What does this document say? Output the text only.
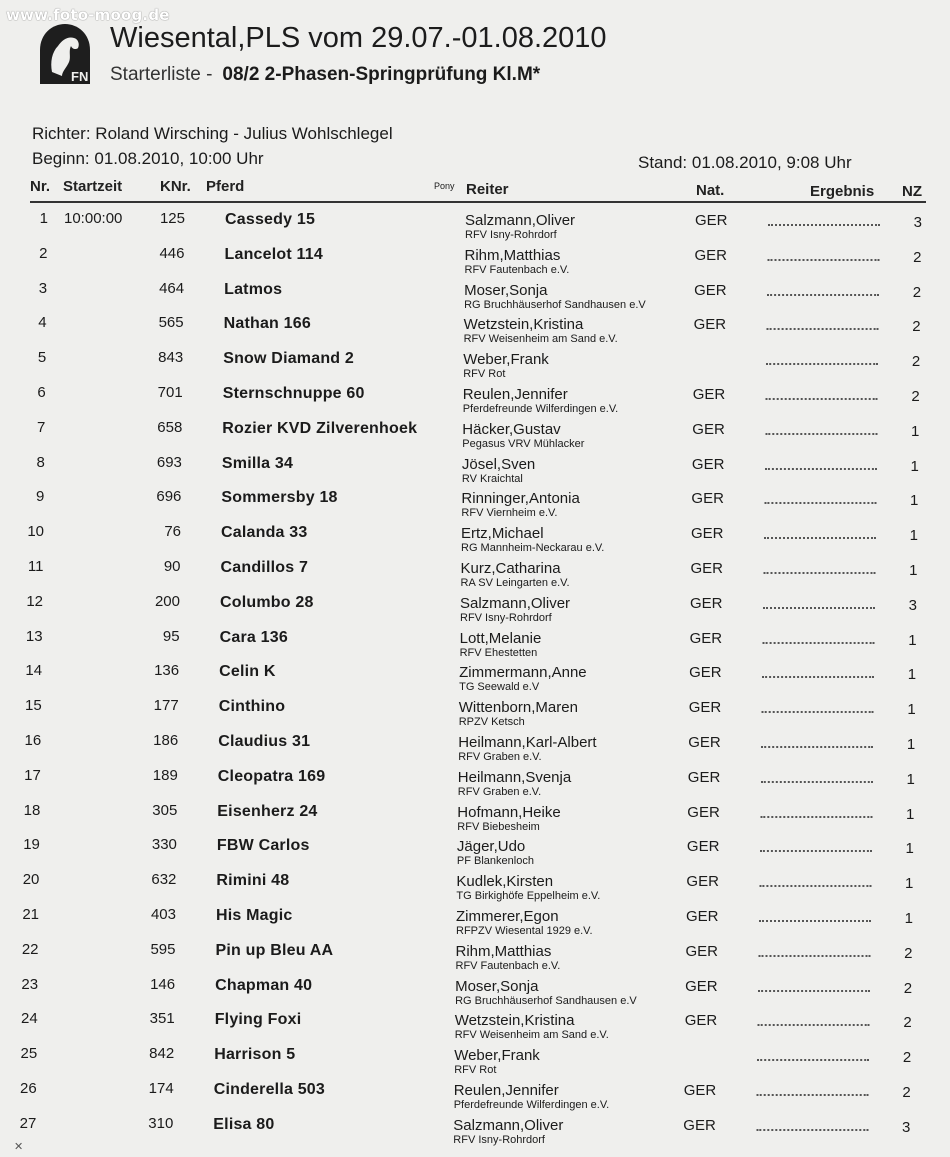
www.foto-moog.de
FN
Wiesental,PLS vom 29.07.-01.08.2010
Starterliste - 08/2 2-Phasen-Springprüfung Kl.M*
Richter: Roland Wirsching - Julius Wohlschlegel
Beginn: 01.08.2010, 10:00 Uhr	Stand: 01.08.2010, 9:08 Uhr
Nr. Startzeit	KNr. Pferd	Pony Reiter	Nat.	Ergebnis NZ
1 10:00:00	125	Cassedy 15	Salzmann,Oliver
RFV Isny-Rohrdorf
GER	3
2	446	Lancelot 114	Rihm,Matthias
RFV Fautenbach e.V.
GER	2
3	464	Latmos	Moser,Sonja
RG Bruchhäuserhof Sandhausen e.V
GER	2
4	565	Nathan 166	Wetzstein,Kristina
RFV Weisenheim am Sand e.V.
GER	2
5	843	Snow Diamand 2	Weber,Frank
RFV Rot
2
6	701	Sternschnuppe 60	Reulen,Jennifer
Pferdefreunde Wilferdingen e.V.
GER	2
7	658	Rozier KVD Zilverenhoek	Häcker,Gustav
Pegasus VRV Mühlacker
GER	1
8	693	Smilla 34	Jösel,Sven
RV Kraichtal
GER	1
9	696	Sommersby 18	Rinninger,Antonia
RFV Viernheim e.V.
GER	1
10	76	Calanda 33	Ertz,Michael
RG Mannheim-Neckarau e.V.
GER	1
11	90	Candillos 7	Kurz,Catharina
RA SV Leingarten e.V.
GER	1
12	200	Columbo 28	Salzmann,Oliver
RFV Isny-Rohrdorf
GER	3
13	95	Cara 136	Lott,Melanie
RFV Ehestetten
GER	1
14	136	Celin K	Zimmermann,Anne
TG Seewald e.V
GER	1
15	177	Cinthino	Wittenborn,Maren
RPZV Ketsch
GER	1
16	186	Claudius 31	Heilmann,Karl-Albert
RFV Graben e.V.
GER	1
17	189	Cleopatra 169	Heilmann,Svenja
RFV Graben e.V.
GER	1
18	305	Eisenherz 24	Hofmann,Heike
RFV Biebesheim
GER	1
19	330	FBW Carlos	Jäger,Udo
PF Blankenloch
GER	1
20	632	Rimini 48	Kudlek,Kirsten
TG Birkighöfe Eppelheim e.V.
GER	1
21	403	His Magic	Zimmerer,Egon
RFPZV Wiesental 1929 e.V.
GER	1
22	595	Pin up Bleu AA	Rihm,Matthias
RFV Fautenbach e.V.
GER	2
23	146	Chapman 40	Moser,Sonja
RG Bruchhäuserhof Sandhausen e.V
GER	2
24	351	Flying Foxi	Wetzstein,Kristina
RFV Weisenheim am Sand e.V.
GER	2
25	842	Harrison 5	Weber,Frank
RFV Rot
2
26	174	Cinderella 503	Reulen,Jennifer
Pferdefreunde Wilferdingen e.V.
GER	2
27	310	Elisa 80	Salzmann,Oliver
RFV Isny-Rohrdorf
GER	3
✕
